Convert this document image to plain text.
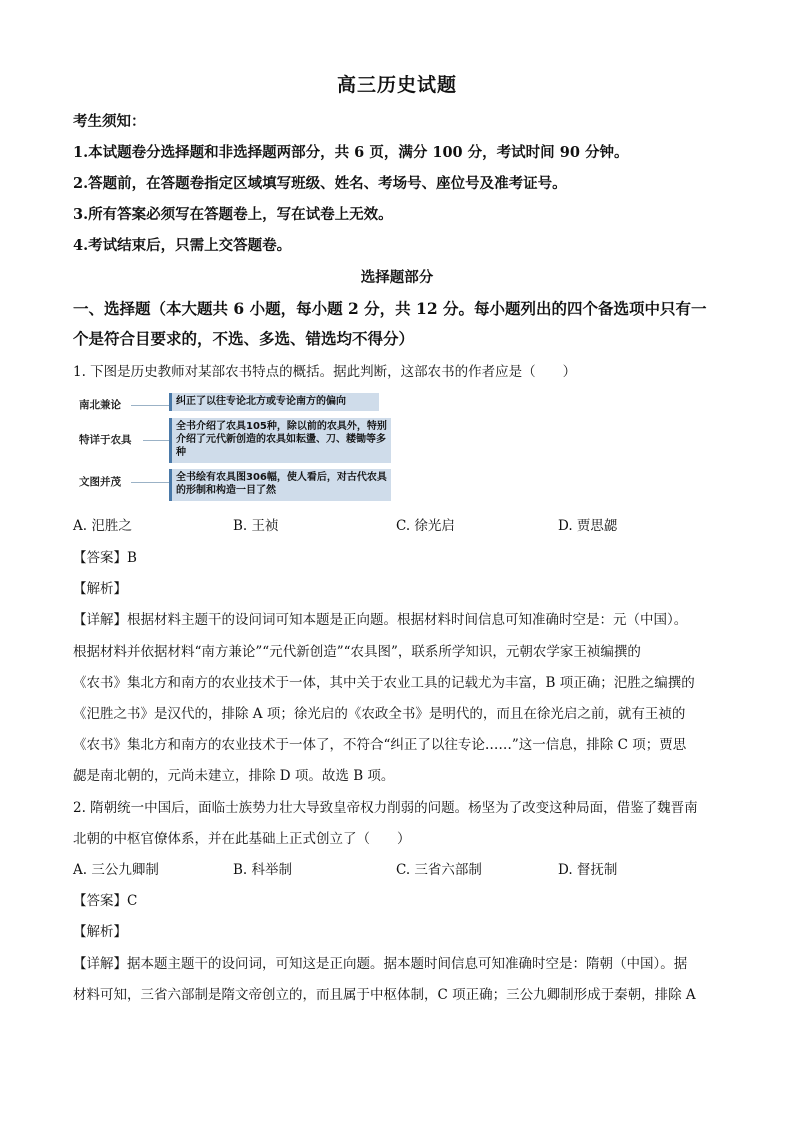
高三历史试题
考生须知：
1.本试题卷分选择题和非选择题两部分，共 6 页，满分 100 分，考试时间 90 分钟。
2.答题前，在答题卷指定区域填写班级、姓名、考场号、座位号及准考证号。
3.所有答案必须写在答题卷上，写在试卷上无效。
4.考试结束后，只需上交答题卷。
选择题部分
一、选择题（本大题共 6 小题，每小题 2 分，共 12 分。每小题列出的四个备选项中只有一
个是符合目要求的，不选、多选、错选均不得分）
1. 下图是历史教师对某部农书特点的概括。据此判断，这部农书的作者应是（　　）
南北兼论	纠正了以往专论北方或专论南方的偏向
特详于农具
全书介绍了农具105种，除以前的农具外，特别介绍了元代新创造的农具如耘盪、刀、耧锄等多种
文图并茂	全书绘有农具图306幅，使人看后，对古代农具的形制和构造一目了然
A. 汜胜之	B. 王祯	C. 徐光启	D. 贾思勰
【答案】B
【解析】
【详解】根据材料主题干的设问词可知本题是正向题。根据材料时间信息可知准确时空是：元（中国）。
根据材料并依据材料“南方兼论”“元代新创造”“农具图”，联系所学知识，元朝农学家王祯编撰的
《农书》集北方和南方的农业技术于一体，其中关于农业工具的记载尤为丰富，B 项正确；汜胜之编撰的
《汜胜之书》是汉代的，排除 A 项；徐光启的《农政全书》是明代的，而且在徐光启之前，就有王祯的
《农书》集北方和南方的农业技术于一体了，不符合“纠正了以往专论……”这一信息，排除 C 项；贾思
勰是南北朝的，元尚未建立，排除 D 项。故选 B 项。
2. 隋朝统一中国后，面临士族势力壮大导致皇帝权力削弱的问题。杨坚为了改变这种局面，借鉴了魏晋南
北朝的中枢官僚体系，并在此基础上正式创立了（　　）
A. 三公九卿制	B. 科举制	C. 三省六部制	D. 督抚制
【答案】C
【解析】
【详解】据本题主题干的设问词，可知这是正向题。据本题时间信息可知准确时空是：隋朝（中国）。据
材料可知，三省六部制是隋文帝创立的，而且属于中枢体制，C 项正确；三公九卿制形成于秦朝，排除 A
